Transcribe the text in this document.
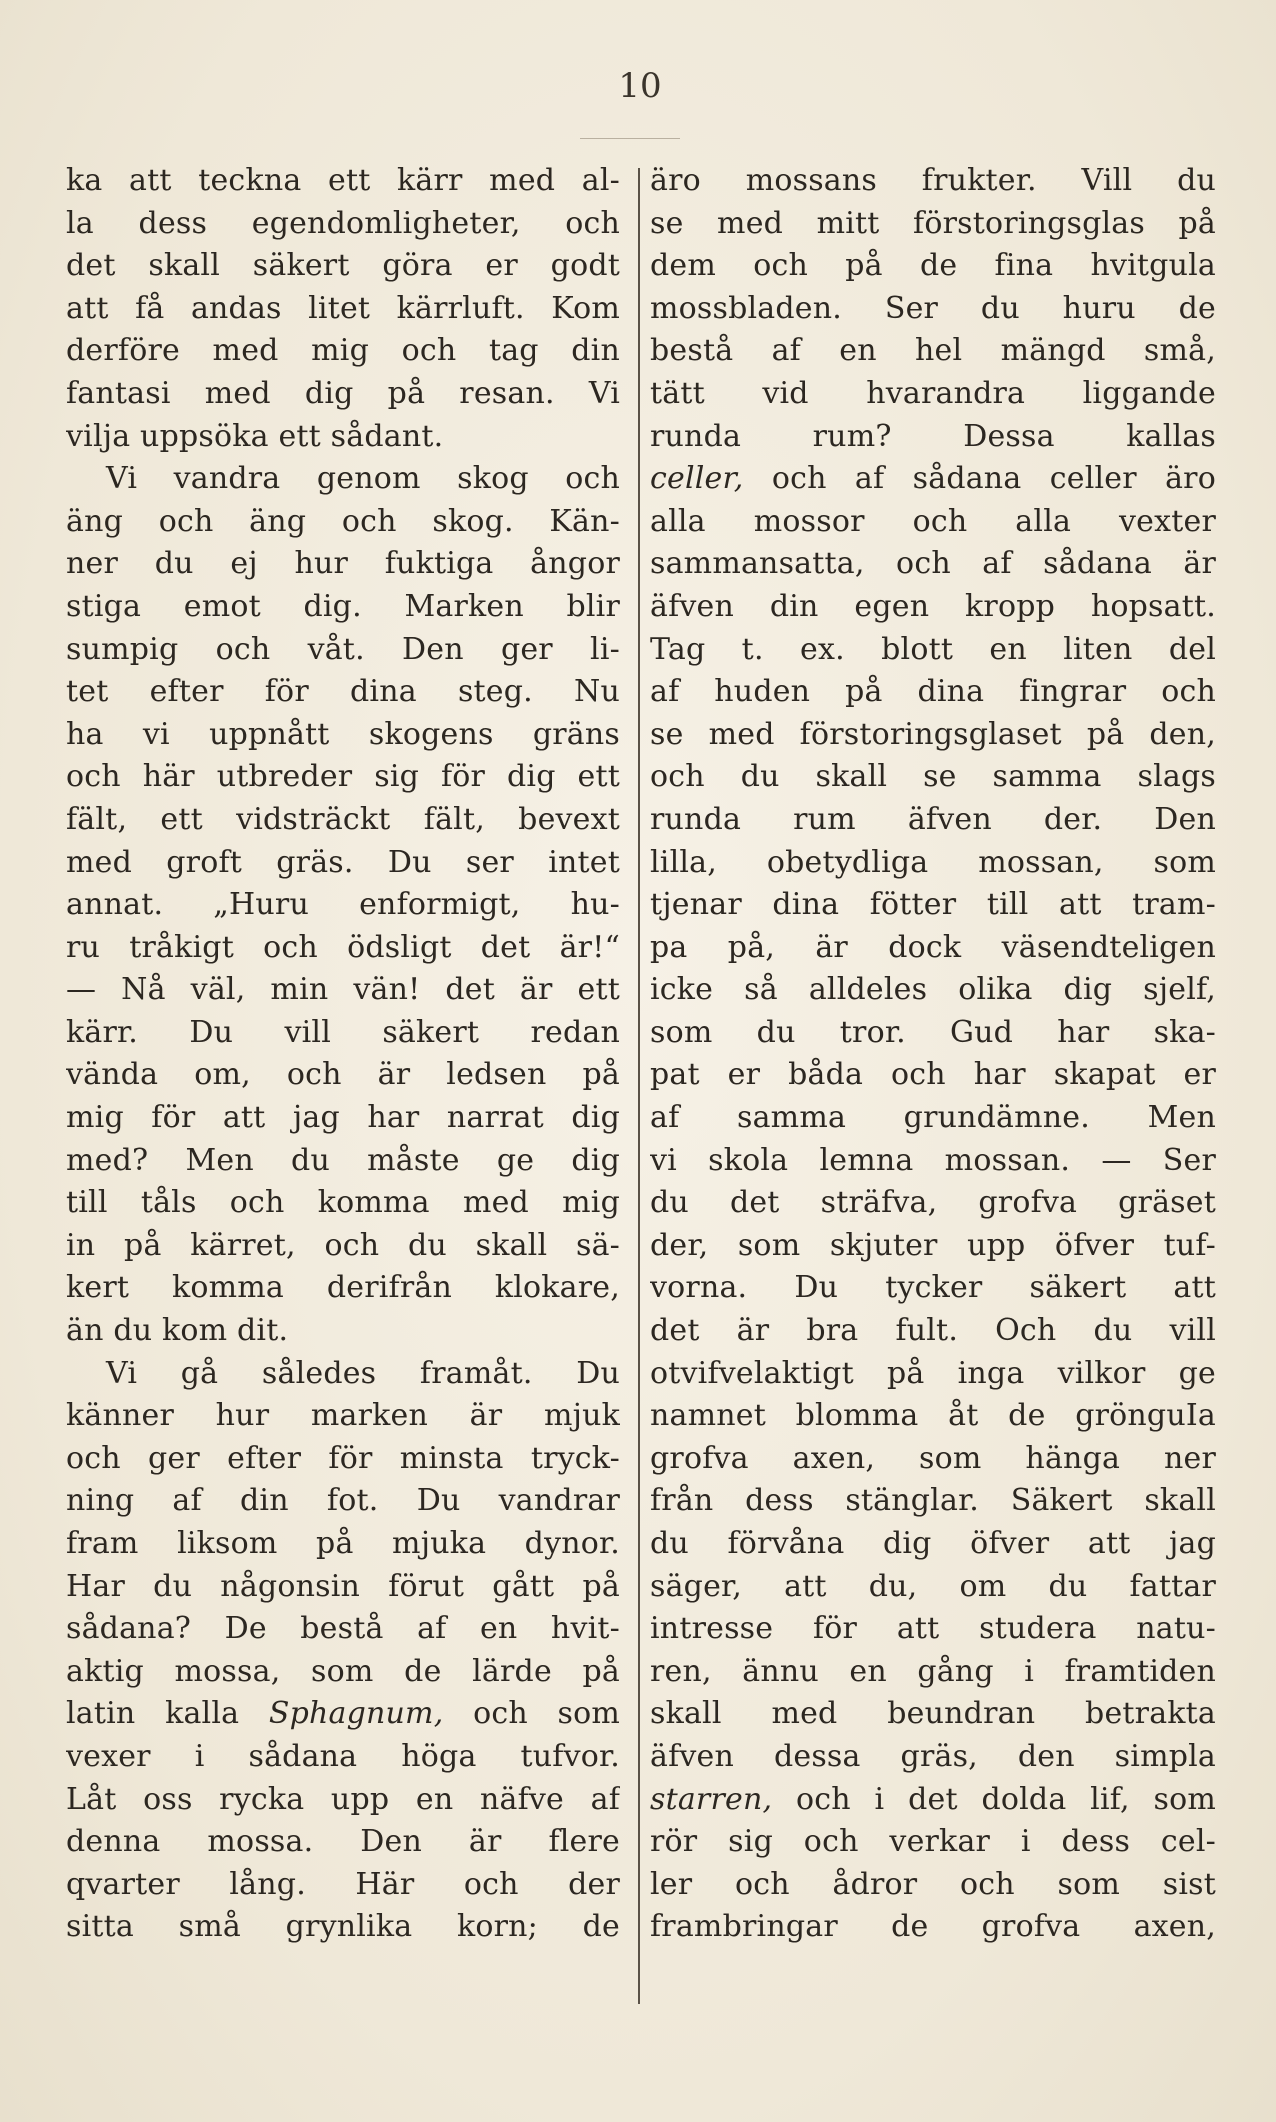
10
ka att teckna ett kärr med al-
la dess egendomligheter, och
det skall säkert göra er godt
att få andas litet kärrluft. Kom
derföre med mig och tag din
fantasi med dig på resan. Vi
vilja uppsöka ett sådant.
Vi vandra genom skog och
äng och äng och skog. Kän-
ner du ej hur fuktiga ångor
stiga emot dig. Marken blir
sumpig och våt. Den ger li-
tet efter för dina steg. Nu
ha vi uppnått skogens gräns
och här utbreder sig för dig ett
fält, ett vidsträckt fält, bevext
med groft gräs. Du ser intet
annat. „Huru enformigt, hu-
ru tråkigt och ödsligt det är!“
— Nå väl, min vän! det är ett
kärr. Du vill säkert redan
vända om, och är ledsen på
mig för att jag har narrat dig
med? Men du måste ge dig
till tåls och komma med mig
in på kärret, och du skall sä-
kert komma derifrån klokare,
än du kom dit.
Vi gå således framåt. Du
känner hur marken är mjuk
och ger efter för minsta tryck-
ning af din fot. Du vandrar
fram liksom på mjuka dynor.
Har du någonsin förut gått på
sådana? De bestå af en hvit-
aktig mossa, som de lärde på
latin kalla Sphagnum, och som
vexer i sådana höga tufvor.
Låt oss rycka upp en näfve af
denna mossa. Den är flere
qvarter lång. Här och der
sitta små grynlika korn; de
äro mossans frukter. Vill du
se med mitt förstoringsglas på
dem och på de fina hvitgula
mossbladen. Ser du huru de
bestå af en hel mängd små,
tätt vid hvarandra liggande
runda rum? Dessa kallas
celler, och af sådana celler äro
alla mossor och alla vexter
sammansatta, och af sådana är
äfven din egen kropp hopsatt.
Tag t. ex. blott en liten del
af huden på dina fingrar och
se med förstoringsglaset på den,
och du skall se samma slags
runda rum äfven der. Den
lilla, obetydliga mossan, som
tjenar dina fötter till att tram-
pa på, är dock väsendteligen
icke så alldeles olika dig sjelf,
som du tror. Gud har ska-
pat er båda och har skapat er
af samma grundämne. Men
vi skola lemna mossan. — Ser
du det sträfva, grofva gräset
der, som skjuter upp öfver tuf-
vorna. Du tycker säkert att
det är bra fult. Och du vill
otvifvelaktigt på inga vilkor ge
namnet blomma åt de grönguIa
grofva axen, som hänga ner
från dess stänglar. Säkert skall
du förvåna dig öfver att jag
säger, att du, om du fattar
intresse för att studera natu-
ren, ännu en gång i framtiden
skall med beundran betrakta
äfven dessa gräs, den simpla
starren, och i det dolda lif, som
rör sig och verkar i dess cel-
ler och ådror och som sist
frambringar de grofva axen,
